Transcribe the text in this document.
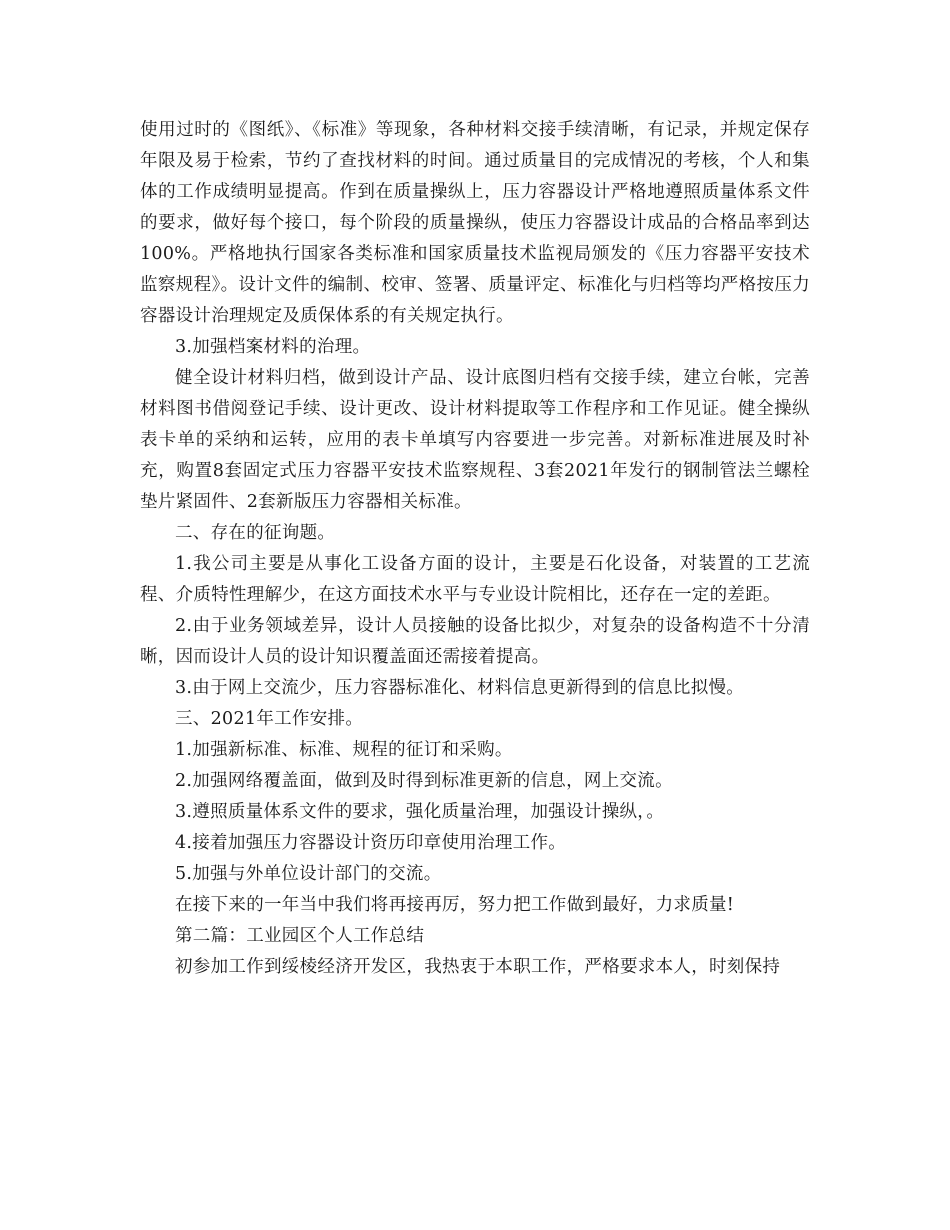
使用过时的《图纸》、《标准》等现象，各种材料交接手续清晰，有记录，并规定保存年限及易于检索，节约了查找材料的时间。通过质量目的完成情况的考核，个人和集体的工作成绩明显提高。作到在质量操纵上，压力容器设计严格地遵照质量体系文件的要求，做好每个接口，每个阶段的质量操纵，使压力容器设计成品的合格品率到达100%。严格地执行国家各类标准和国家质量技术监视局颁发的《压力容器平安技术监察规程》。设计文件的编制、校审、签署、质量评定、标准化与归档等均严格按压力容器设计治理规定及质保体系的有关规定执行。

3.加强档案材料的治理。

健全设计材料归档，做到设计产品、设计底图归档有交接手续，建立台帐，完善材料图书借阅登记手续、设计更改、设计材料提取等工作程序和工作见证。健全操纵表卡单的采纳和运转，应用的表卡单填写内容要进一步完善。对新标准进展及时补充，购置8套固定式压力容器平安技术监察规程、3套2021年发行的钢制管法兰螺栓垫片紧固件、2套新版压力容器相关标准。

二、存在的征询题。

1.我公司主要是从事化工设备方面的设计，主要是石化设备，对装置的工艺流程、介质特性理解少，在这方面技术水平与专业设计院相比，还存在一定的差距。

2.由于业务领域差异，设计人员接触的设备比拟少，对复杂的设备构造不十分清晰，因而设计人员的设计知识覆盖面还需接着提高。

3.由于网上交流少，压力容器标准化、材料信息更新得到的信息比拟慢。

三、2021年工作安排。

1.加强新标准、标准、规程的征订和采购。

2.加强网络覆盖面，做到及时得到标准更新的信息，网上交流。

3.遵照质量体系文件的要求，强化质量治理，加强设计操纵，。

4.接着加强压力容器设计资历印章使用治理工作。

5.加强与外单位设计部门的交流。

在接下来的一年当中我们将再接再厉，努力把工作做到最好，力求质量!

第二篇：工业园区个人工作总结

初参加工作到绥棱经济开发区，我热衷于本职工作，严格要求本人，时刻保持
